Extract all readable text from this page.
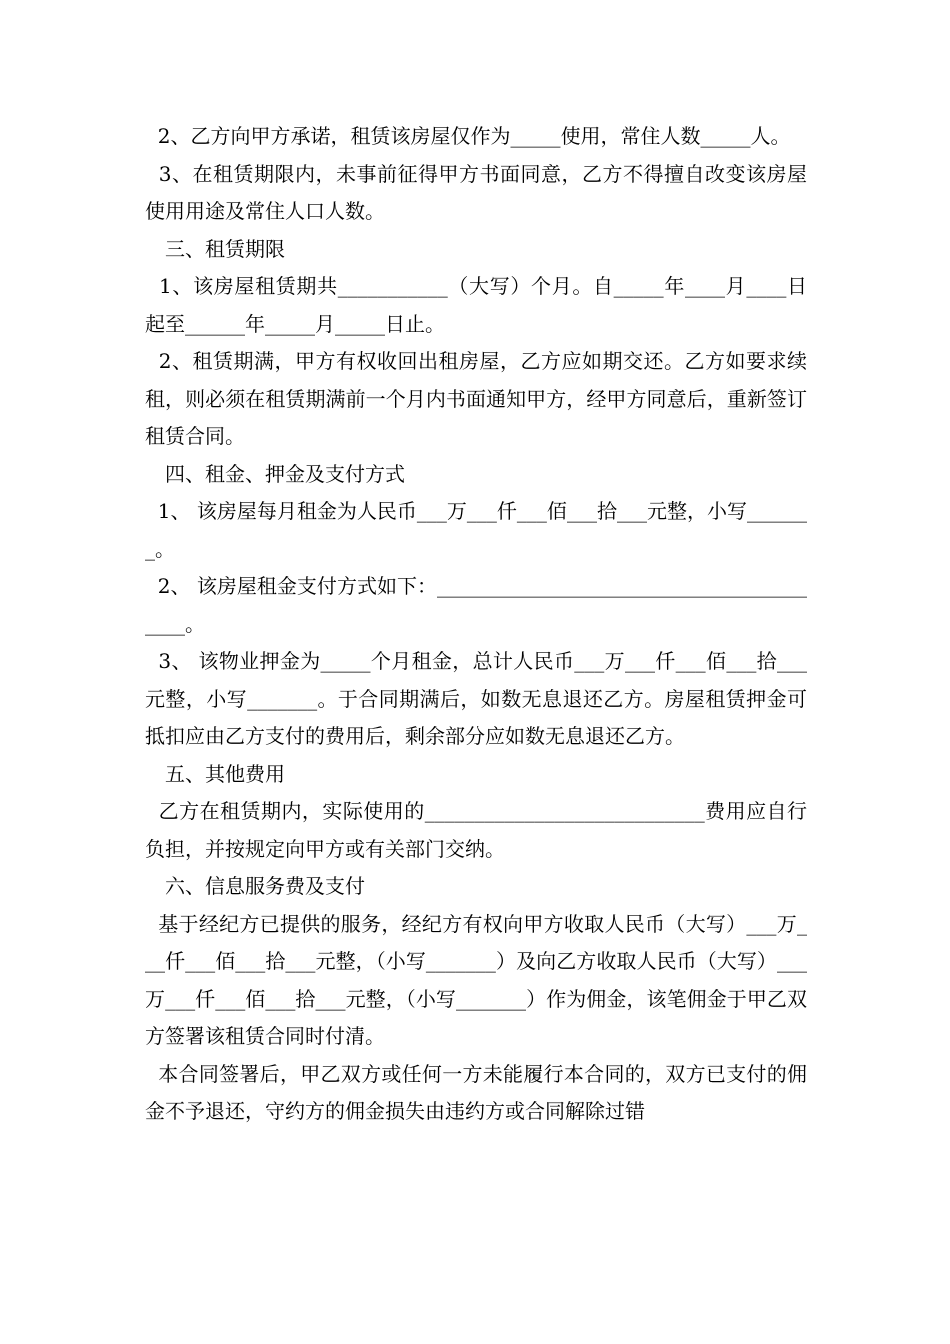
2、乙方向甲方承诺，租赁该房屋仅作为_____使用，常住人数_____人。

3、在租赁期限内，未事前征得甲方书面同意，乙方不得擅自改变该房屋使用用途及常住人口人数。

三、租赁期限

1、该房屋租赁期共___________（大写）个月。自_____年____月____日起至______年_____月_____日止。

2、租赁期满，甲方有权收回出租房屋，乙方应如期交还。乙方如要求续租，则必须在租赁期满前一个月内书面通知甲方，经甲方同意后，重新签订租赁合同。

四、租金、押金及支付方式

1、 该房屋每月租金为人民币___万___仟___佰___拾___元整，小写_______。

2、 该房屋租金支付方式如下：_________________________________________。

3、 该物业押金为_____个月租金，总计人民币___万___仟___佰___拾___元整，小写_______。于合同期满后，如数无息退还乙方。房屋租赁押金可抵扣应由乙方支付的费用后，剩余部分应如数无息退还乙方。

五、其他费用

乙方在租赁期内，实际使用的____________________________费用应自行负担，并按规定向甲方或有关部门交纳。

六、信息服务费及支付

基于经纪方已提供的服务，经纪方有权向甲方收取人民币（大写）___万___仟___佰___拾___元整，（小写_______）及向乙方收取人民币（大写）___万___仟___佰___拾___元整，（小写_______）作为佣金，该笔佣金于甲乙双方签署该租赁合同时付清。

本合同签署后，甲乙双方或任何一方未能履行本合同的，双方已支付的佣金不予退还，守约方的佣金损失由违约方或合同解除过错
